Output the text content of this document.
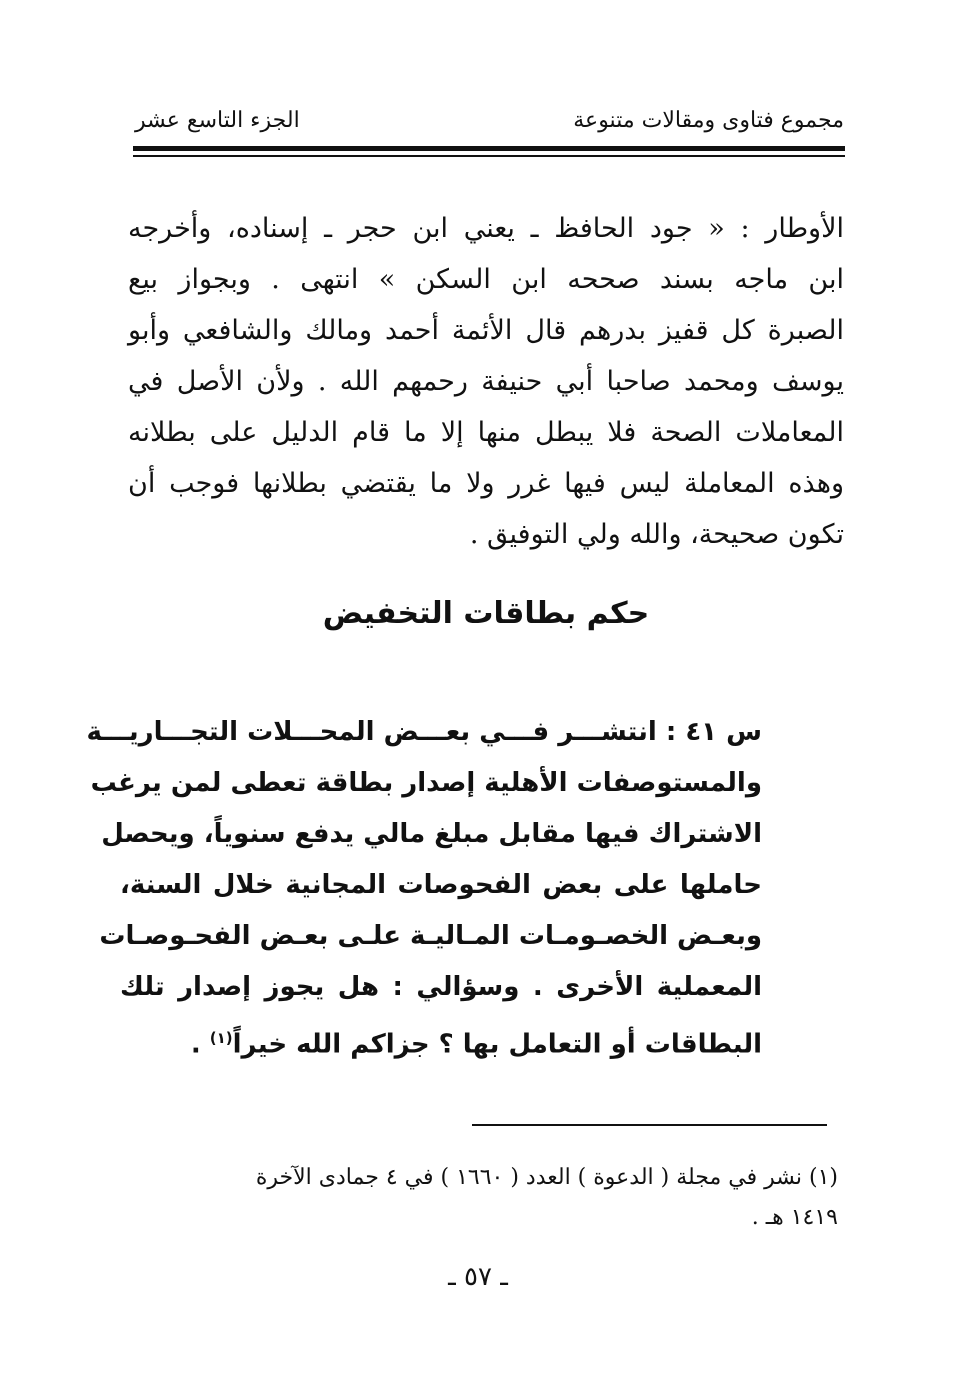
مجموع فتاوى ومقالات متنوعة
الجزء التاسع عشر
الأوطار : « جود الحافظ ـ يعني ابن حجر ـ إسناده، وأخرجه
ابن ماجه بسند صححه ابن السكن » انتهى . وبجواز بيع
الصبرة كل قفيز بدرهم قال الأئمة أحمد ومالك والشافعي وأبو
يوسف ومحمد صاحبا أبي حنيفة رحمهم الله . ولأن الأصل في
المعاملات الصحة فلا يبطل منها إلا ما قام الدليل على بطلانه
وهذه المعاملة ليس فيها غرر ولا ما يقتضي بطلانها فوجب أن
تكون صحيحة، والله ولي التوفيق .
حكم بطاقات التخفيض
س ٤١ : انتشـــر فـــي بعـــض المحـــلات التجـــاريـــة
والمستوصفات الأهلية إصدار بطاقة تعطى لمن يرغب
الاشتراك فيها مقابل مبلغ مالي يدفع سنوياً، ويحصل
حاملها على بعض الفحوصات المجانية خلال السنة،
وبعـض الخصـومـات المـاليـة علـى بعـض الفحـوصـات
المعملية الأخرى . وسؤالي : هل يجوز إصدار تلك
البطاقات أو التعامل بها ؟ جزاكم الله خيراً$^{(١)}$ .
(١) نشر في مجلة ( الدعوة ) العدد ( ١٦٦٠ ) في ٤ جمادى الآخرة
١٤١٩ هـ .
ـ ٥٧ ـ
